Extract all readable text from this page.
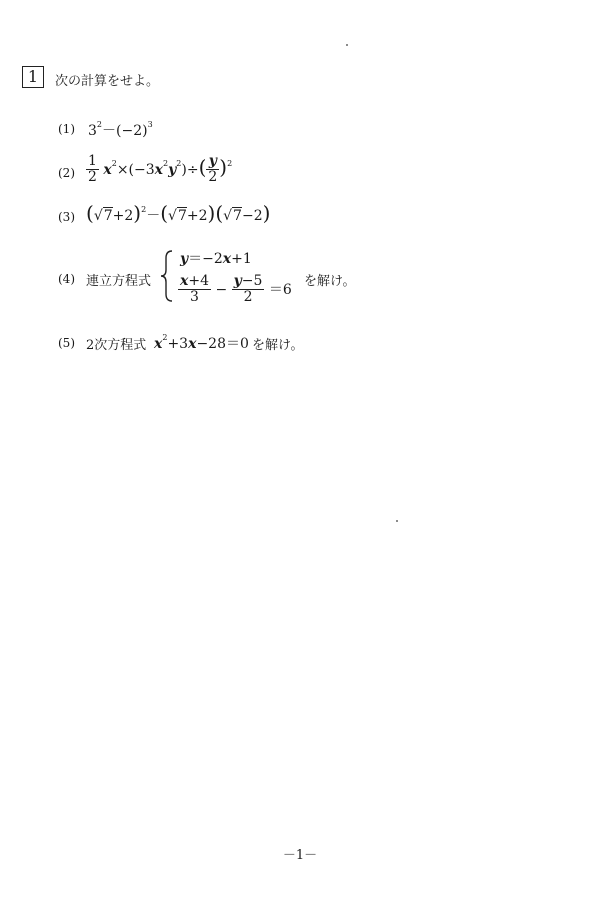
1	次の計算をせよ。
(1) $3^2-(-2)^3$
$(2) \frac{1}{2} x^2\times(-3x^2y^2)\div( \frac{y}{2} )^2$
(3) $(√7+2)^2-(√7+2)(√7-2)$
(4) 連立方程式
y＝−2x+1
$\frac{x+4}{3} - \frac{y-5}{2} =6$
を解け。
(5) 2次方程式 $x^2+3x-28=0$ を解け。
－1－
